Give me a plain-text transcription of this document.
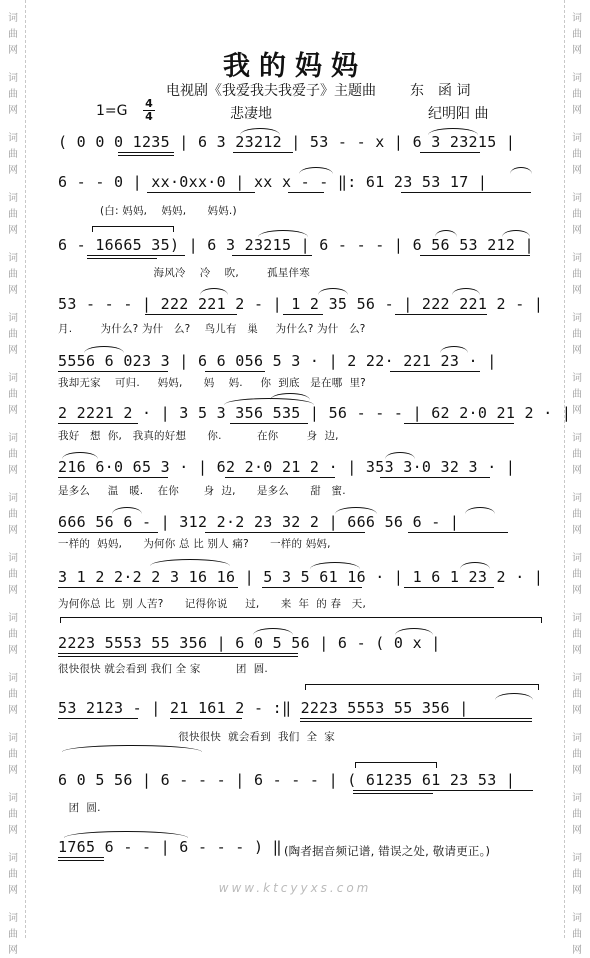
词
曲
网
词
曲
网
词
曲
网
词
曲
网
词
曲
网
词
曲
网
词
曲
网
词
曲
网
词
曲
网
词
曲
网
词
曲
网
词
曲
网
词
曲
网
词
曲
网
词
曲
网
词
曲
网
词
曲
网
词
曲
网
词
曲
网
词
曲
网
词
曲
网
词
曲
网
词
曲
网
词
曲
网
词
曲
网
词
曲
网
词
曲
网
词
曲
网
词
曲
网
词
曲
网
词
曲
网
词
曲
网
我的妈妈
电视剧《我爱我夫我爱子》主题曲 东　函 词
1=G 4
4	悲凄地	纪明阳 曲
( 0 0 0 1235 | 6 3 23212 | 53 - - x | 6 3 23215 |
6 - - 0 | xx·0xx·0 | xx x - - ‖: 61 23 53 17 |
(白: 妈妈,    妈妈,      妈妈.)
6 - 16665 35) | 6 3 23215 | 6 - - - | 6 56 53 212 |
海风冷    冷    吹,        孤星伴寒
53 - - - | 222 221 2 - | 1 2 35 56 - | 222 221 2 - |
月.        为什么? 为什   么?    鸟儿有   巢     为什么? 为什   么?
5556 6 023 3 | 6 6 056 5 3 · | 2 22· 221 23 · |
我却无家    可归.     妈妈,      妈    妈.     你  到底   是在哪  里?
2 2221 2 · | 3 5 3 356 535 | 56 - - - | 62 2·0 21 2 · |
我好   想  你,   我真的好想      你.          在你        身  边,
216 6·0 65 3 · | 62 2·0 21 2 · | 353 3·0 32 3 · |
是多么     温   暖.    在你       身  边,      是多么      甜   蜜.
666 56 6 - | 312 2·2 23 32 2 | 666 56 6 - |
一样的  妈妈,      为何你 总 比 别人 痛?      一样的 妈妈,
3 1 2 2·2 2 3 16 16 | 5 3 5 61 16 · | 1 6 1 23 2 · |
为何你总 比  别 人苦?      记得你说     过,      来  年  的 春   天,
2223 5553 55 356 | 6 0 5 56 | 6 - ( 0 x |
很快很快 就会看到 我们 全 家          团  圆.
53 2123 - | 21 161 2 - :‖ 2223 5553 55 356 |
很快很快  就会看到  我们  全  家
6 0 5 56 | 6 - - - | 6 - - - | ( 61235 61 23 53 |
团  圆.
1765 6 - - | 6 - - - ) ‖ (陶者据音频记谱, 错误之处, 敬请更正。)
www.ktcyyxs.com
